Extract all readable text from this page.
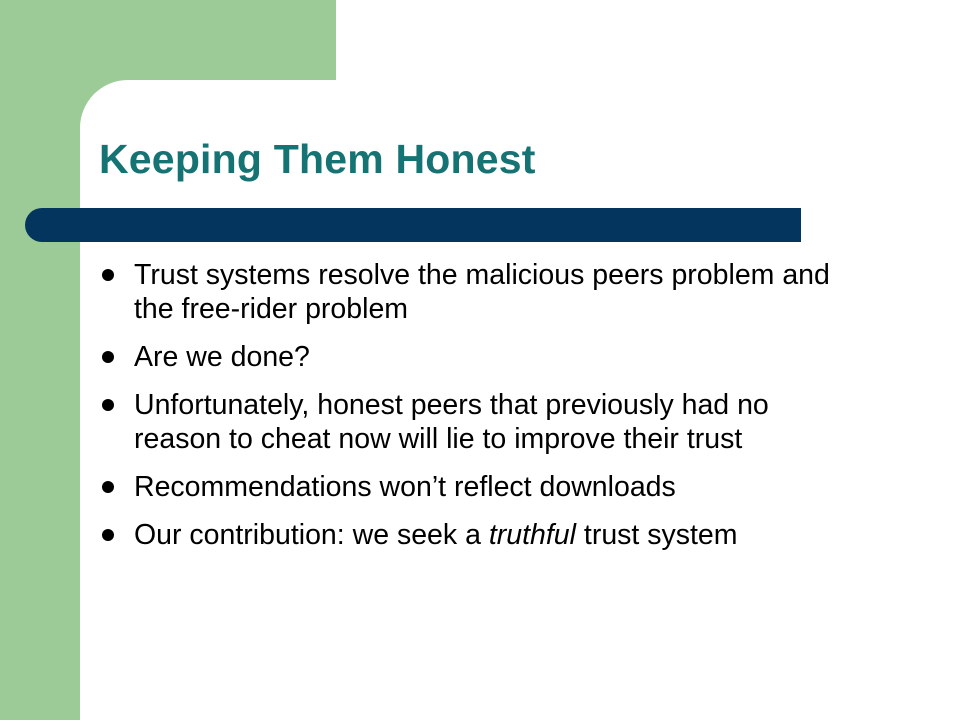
Keeping Them Honest
Trust systems resolve the malicious peers problem and the free-rider problem
Are we done?
Unfortunately, honest peers that previously had no reason to cheat now will lie to improve their trust
Recommendations won’t reflect downloads
Our contribution: we seek a truthful trust system
